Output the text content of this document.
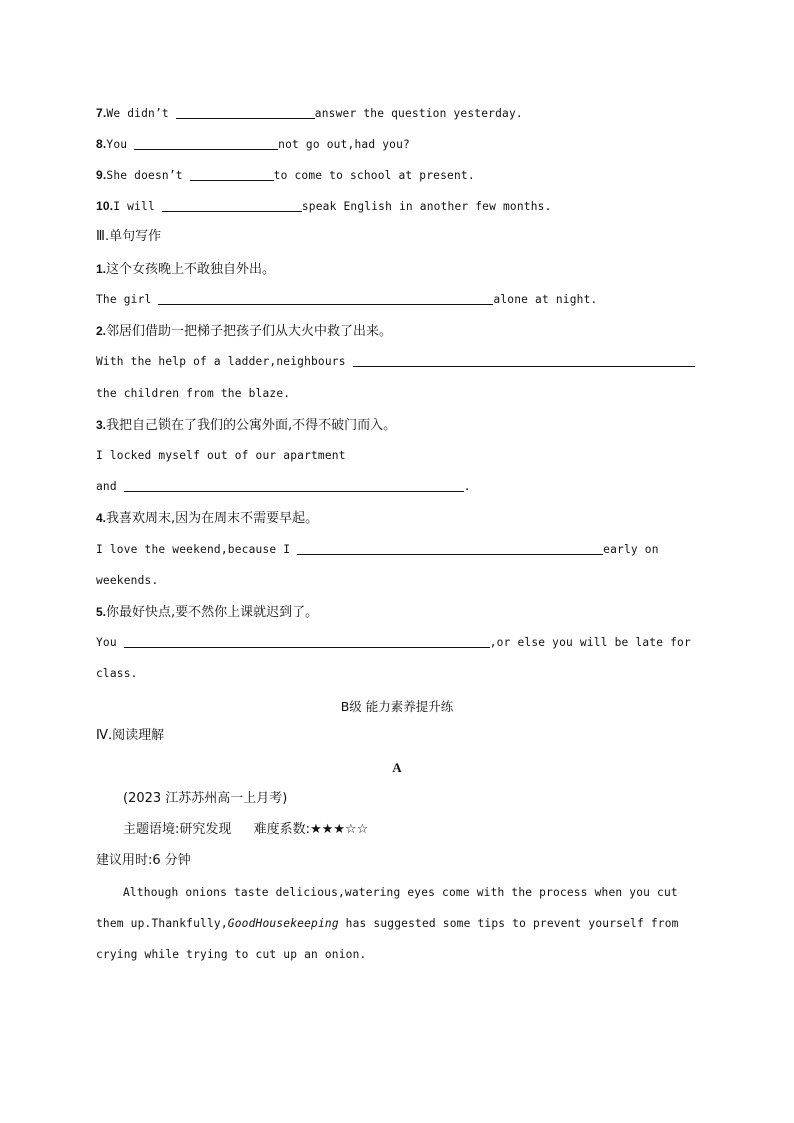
7.We didn’t	answer the question yesterday.
8.You	not go out,had you?
9.She doesn’t	to come to school at present.
10.I will	speak English in another few months.
Ⅲ.单句写作
1.这个女孩晚上不敢独自外出。
The girl	alone at night.
2.邻居们借助一把梯子把孩子们从大火中救了出来。
With the help of a ladder,neighbours
the children from the blaze.
3.我把自己锁在了我们的公寓外面,不得不破门而入。
I locked myself out of our apartment
and	.
4.我喜欢周末,因为在周末不需要早起。
I love the weekend,because I	early on
weekends.
5.你最好快点,要不然你上课就迟到了。
You	,or else you will be late for
class.
B级 能力素养提升练
Ⅳ.阅读理解
A
(2023 江苏苏州高一上月考)
主题语境:研究发现 难度系数:★★★☆☆
建议用时:6 分钟
Although onions taste delicious,watering eyes come with the process when you cut
them up.Thankfully,GoodHousekeeping has suggested some tips to prevent yourself from
crying while trying to cut up an onion.
